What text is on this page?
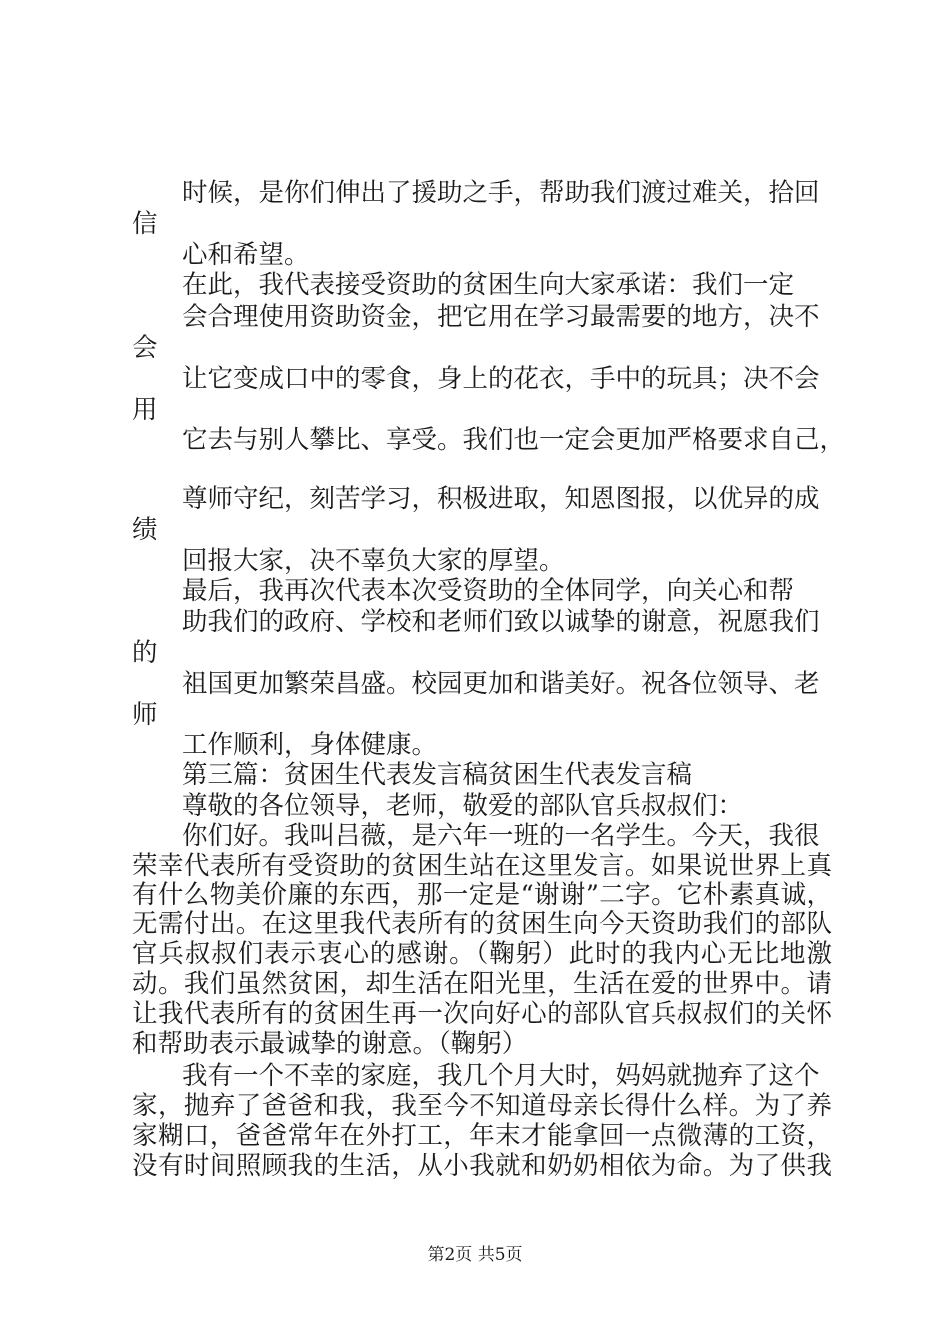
时候，是你们伸出了援助之手，帮助我们渡过难关，拾回
信
心和希望。
在此，我代表接受资助的贫困生向大家承诺：我们一定
会合理使用资助资金，把它用在学习最需要的地方，决不
会
让它变成口中的零食，身上的花衣，手中的玩具；决不会
用
它去与别人攀比、享受。我们也一定会更加严格要求自己，
尊师守纪，刻苦学习，积极进取，知恩图报，以优异的成
绩
回报大家，决不辜负大家的厚望。
最后，我再次代表本次受资助的全体同学，向关心和帮
助我们的政府、学校和老师们致以诚挚的谢意，祝愿我们
的
祖国更加繁荣昌盛。校园更加和谐美好。祝各位领导、老
师
工作顺利，身体健康。
第三篇：贫困生代表发言稿贫困生代表发言稿
尊敬的各位领导，老师，敬爱的部队官兵叔叔们：
你们好。我叫吕薇，是六年一班的一名学生。今天，我很
荣幸代表所有受资助的贫困生站在这里发言。如果说世界上真
有什么物美价廉的东西，那一定是“谢谢”二字。它朴素真诚，
无需付出。在这里我代表所有的贫困生向今天资助我们的部队
官兵叔叔们表示衷心的感谢。（鞠躬）此时的我内心无比地激
动。我们虽然贫困，却生活在阳光里，生活在爱的世界中。请
让我代表所有的贫困生再一次向好心的部队官兵叔叔们的关怀
和帮助表示最诚挚的谢意。（鞠躬）
我有一个不幸的家庭，我几个月大时，妈妈就抛弃了这个
家，抛弃了爸爸和我，我至今不知道母亲长得什么样。为了养
家糊口，爸爸常年在外打工，年末才能拿回一点微薄的工资，
没有时间照顾我的生活，从小我就和奶奶相依为命。为了供我
第2页 共5页
